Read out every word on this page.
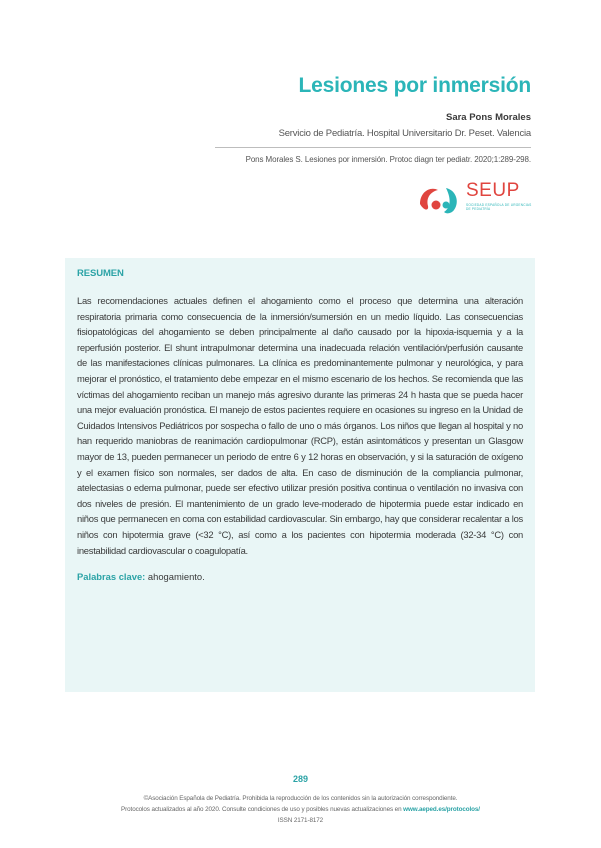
Lesiones por inmersión
Sara Pons Morales
Servicio de Pediatría. Hospital Universitario Dr. Peset. Valencia
Pons Morales S. Lesiones por inmersión. Protoc diagn ter pediatr. 2020;1:289-298.
SEUP
SOCIEDAD ESPAÑOLA DE URGENCIAS DE PEDIATRÍA
RESUMEN

Las recomendaciones actuales definen el ahogamiento como el proceso que determina una alteración respiratoria primaria como consecuencia de la inmersión/sumersión en un medio líquido. Las consecuencias fisiopatológicas del ahogamiento se deben principalmente al daño causado por la hipoxia-isquemia y a la reperfusión posterior. El shunt intrapulmonar determina una inadecuada relación ventilación/perfusión causante de las manifestaciones clínicas pulmonares. La clínica es predominantemente pulmonar y neurológica, y para mejorar el pronóstico, el tratamiento debe empezar en el mismo escenario de los hechos. Se recomienda que las víctimas del ahogamiento reciban un manejo más agresivo durante las primeras 24 h hasta que se pueda hacer una mejor evaluación pronóstica. El manejo de estos pacientes requiere en ocasiones su ingreso en la Unidad de Cuidados Intensivos Pediátricos por sospecha o fallo de uno o más órganos. Los niños que llegan al hospital y no han requerido maniobras de reanimación cardiopulmonar (RCP), están asintomáticos y presentan un Glasgow mayor de 13, pueden permanecer un periodo de entre 6 y 12 horas en observación, y si la saturación de oxígeno y el examen físico son normales, ser dados de alta. En caso de disminución de la compliancia pulmonar, atelectasias o edema pulmonar, puede ser efectivo utilizar presión positiva continua o ventilación no invasiva con dos niveles de presión. El mantenimiento de un grado leve-moderado de hipotermia puede estar indicado en niños que permanecen en coma con estabilidad cardiovascular. Sin embargo, hay que considerar recalentar a los niños con hipotermia grave (<32 °C), así como a los pacientes con hipotermia moderada (32-34 °C) con inestabilidad cardiovascular o coagulopatía.

Palabras clave: ahogamiento.
289
©Asociación Española de Pediatría. Prohibida la reproducción de los contenidos sin la autorización correspondiente.
Protocolos actualizados al año 2020. Consulte condiciones de uso y posibles nuevas actualizaciones en www.aeped.es/protocolos/
ISSN 2171-8172
